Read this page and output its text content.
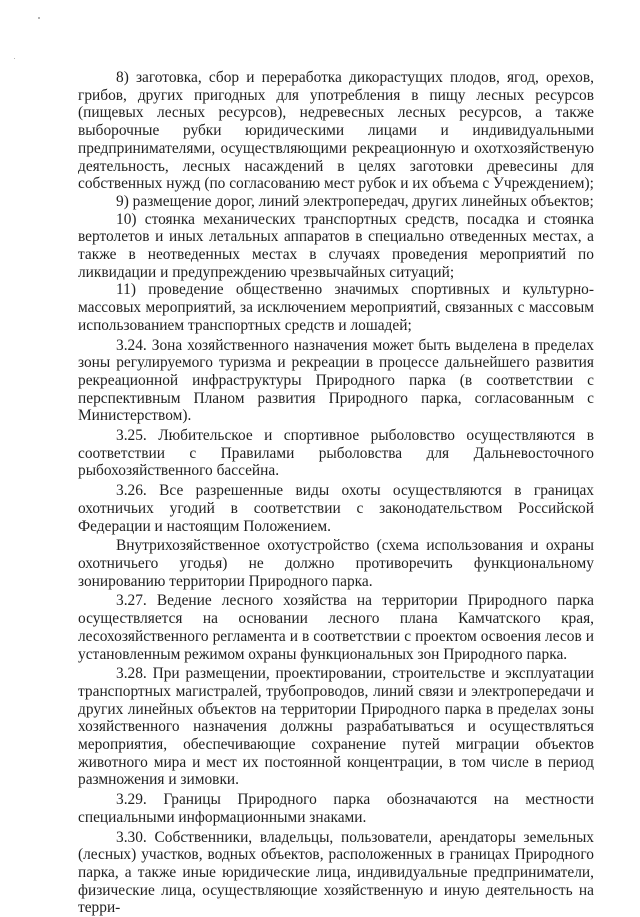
8) заготовка, сбор и переработка дикорастущих плодов, ягод, орехов, грибов, других пригодных для употребления в пищу лесных ресурсов (пищевых лесных ресурсов), недревесных лесных ресурсов, а также выборочные рубки юридическими лицами и индивидуальными предпринимателями, осуществляющими рекреационную и охотхозяйственую деятельность, лесных насаждений в целях заготовки древесины для собственных нужд (по согласованию мест рубок и их объема с Учреждением);

9) размещение дорог, линий электропередач, других линейных объектов;

10) стоянка механических транспортных средств, посадка и стоянка вертолетов и иных летальных аппаратов в специально отведенных местах, а также в неотведенных местах в случаях проведения мероприятий по ликвидации и предупреждению чрезвычайных ситуаций;

11) проведение общественно значимых спортивных и культурно-массовых мероприятий, за исключением мероприятий, связанных с массовым использованием транспортных средств и лошадей;

3.24. Зона хозяйственного назначения может быть выделена в пределах зоны регулируемого туризма и рекреации в процессе дальнейшего развития рекреационной инфраструктуры Природного парка (в соответствии с перспективным Планом развития Природного парка, согласованным с Министерством).

3.25. Любительское и спортивное рыболовство осуществляются в соответствии с Правилами рыболовства для Дальневосточного рыбохозяйственного бассейна.

3.26. Все разрешенные виды охоты осуществляются в границах охотничьих угодий в соответствии с законодательством Российской Федерации и настоящим Положением.

Внутрихозяйственное охотустройство (схема использования и охраны охотничьего угодья) не должно противоречить функциональному зонированию территории Природного парка.

3.27. Ведение лесного хозяйства на территории Природного парка осуществляется на основании лесного плана Камчатского края, лесохозяйственного регламента и в соответствии с проектом освоения лесов и установленным режимом охраны функциональных зон Природного парка.

3.28. При размещении, проектировании, строительстве и эксплуатации транспортных магистралей, трубопроводов, линий связи и электропередачи и других линейных объектов на территории Природного парка в пределах зоны хозяйственного назначения должны разрабатываться и осуществляться мероприятия, обеспечивающие сохранение путей миграции объектов животного мира и мест их постоянной концентрации, в том числе в период размножения и зимовки.

3.29. Границы Природного парка обозначаются на местности специальными информационными знаками.

3.30. Собственники, владельцы, пользователи, арендаторы земельных (лесных) участков, водных объектов, расположенных в границах Природного парка, а также иные юридические лица, индивидуальные предприниматели, физические лица, осуществляющие хозяйственную и иную деятельность на терри-
